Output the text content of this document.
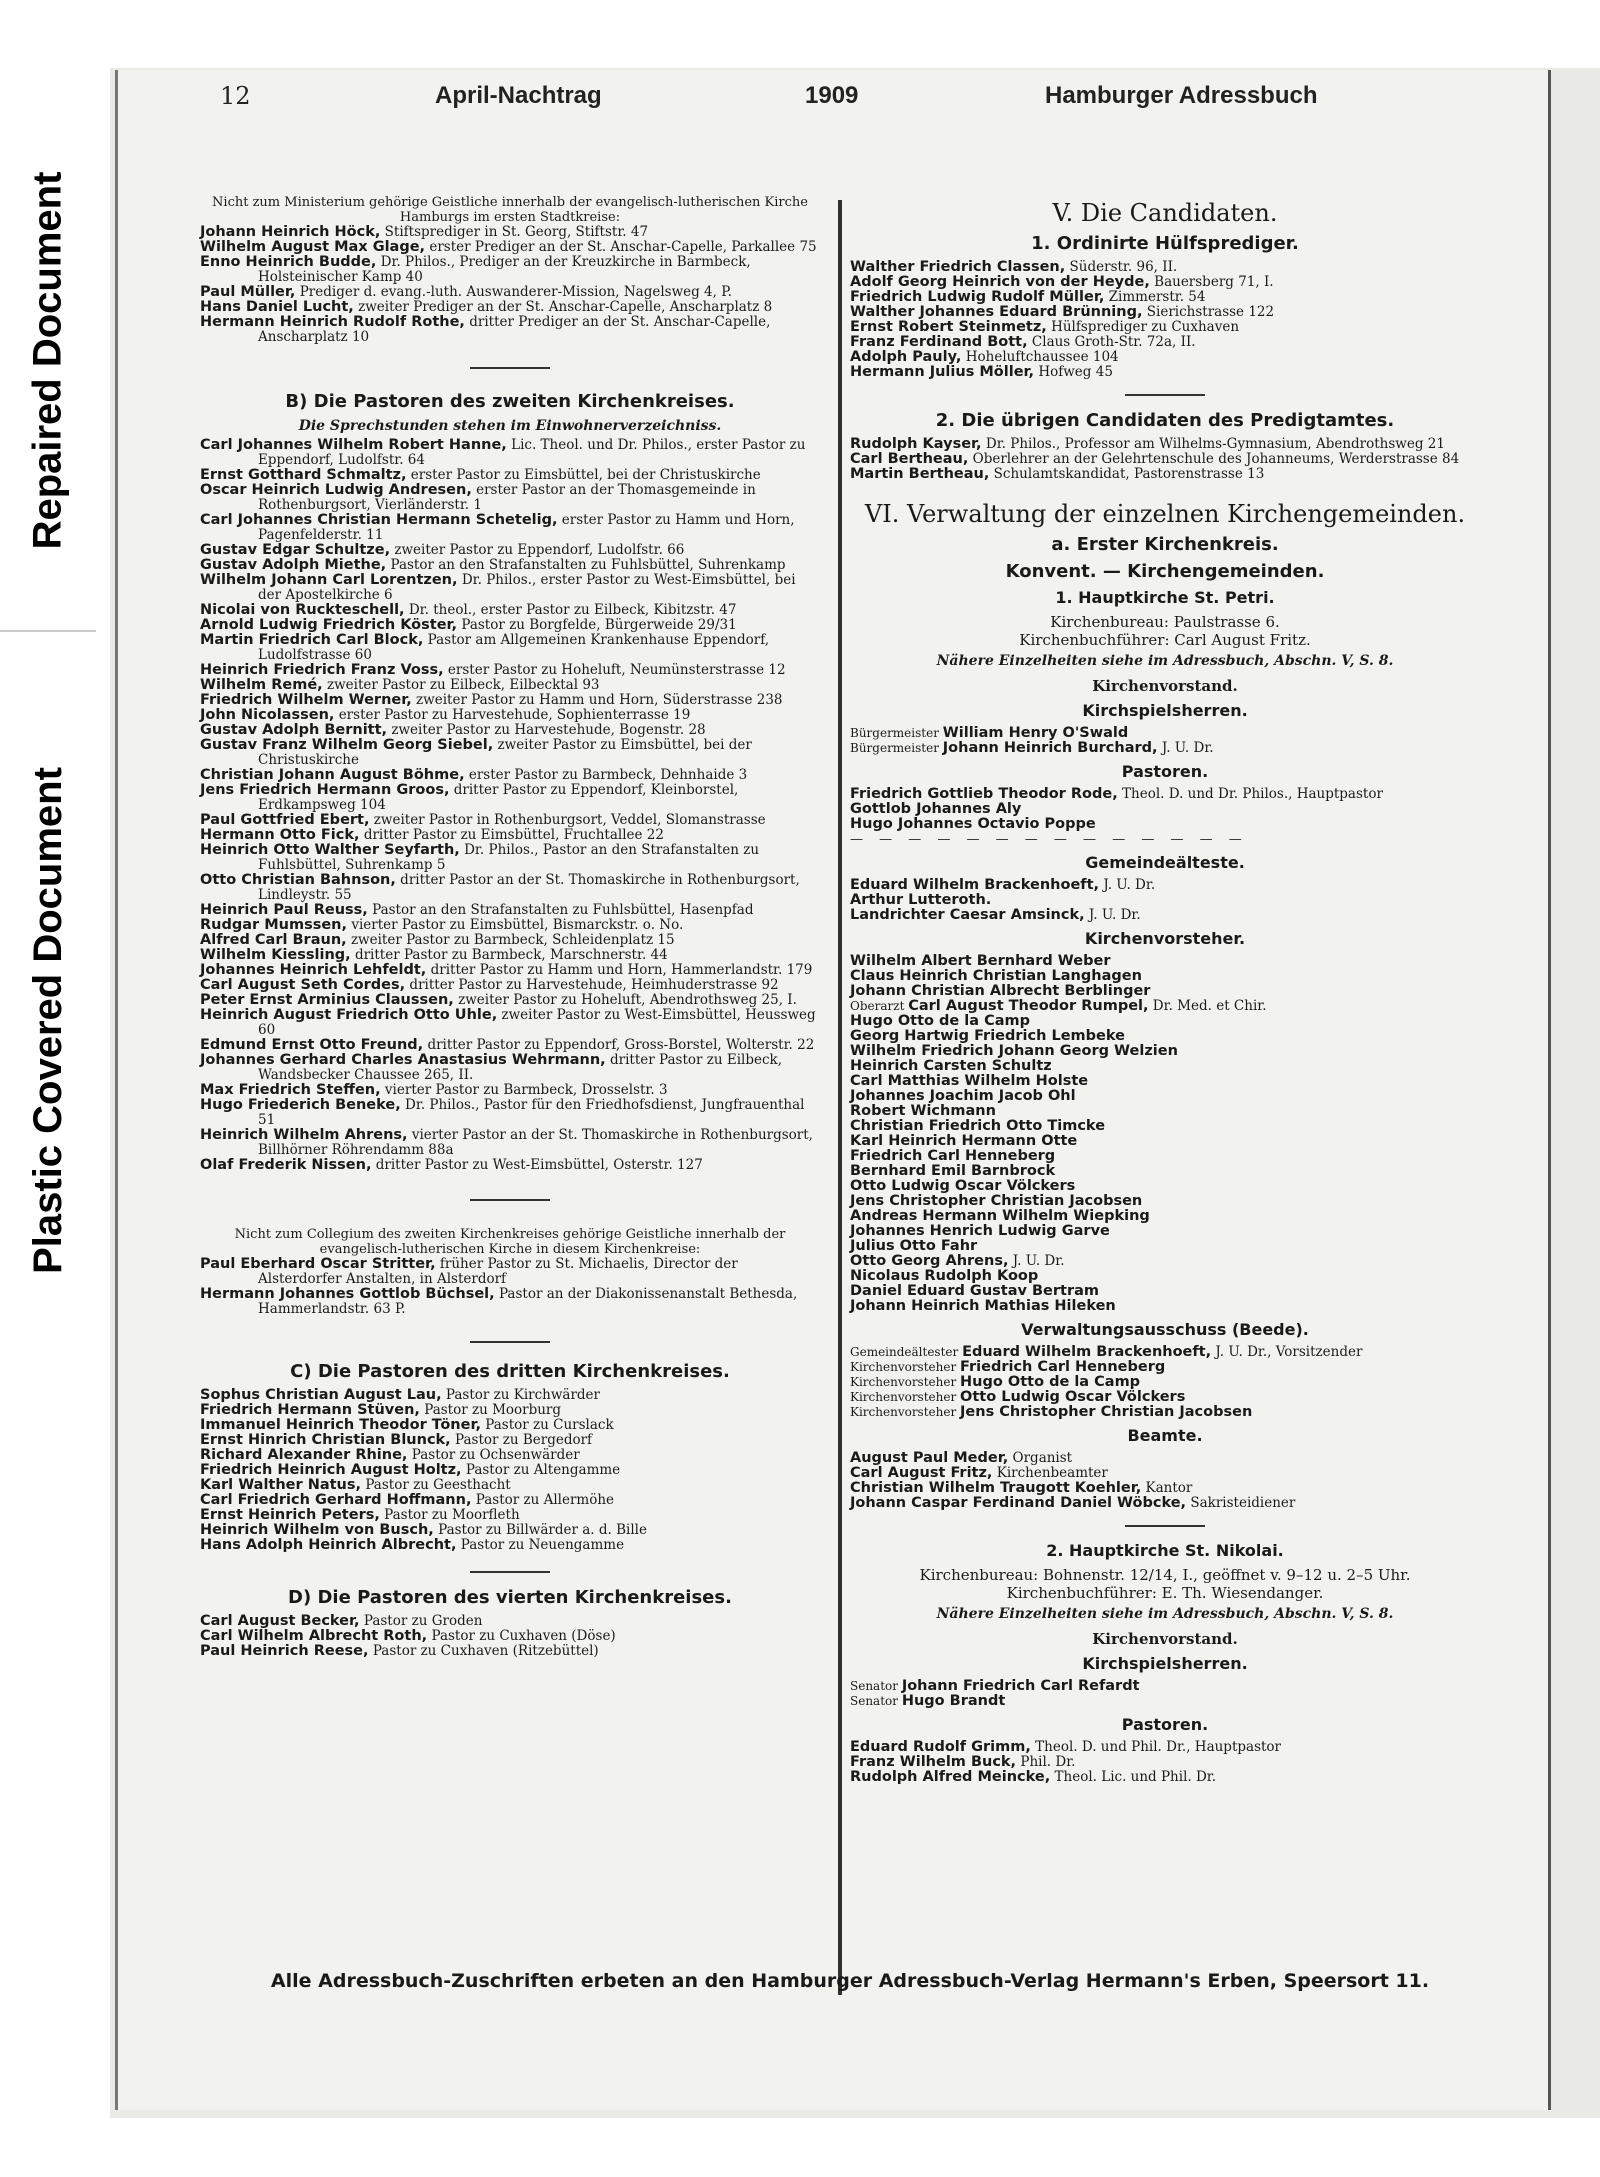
Repaired Document
Plastic Covered Document
12	April-Nachtrag	1909	Hamburger Adressbuch

Nicht zum Ministerium gehörige Geistliche innerhalb der evangelisch-lutherischen Kirche Hamburgs im ersten Stadtkreise:

Johann Heinrich Höck, Stiftsprediger in St. Georg, Stiftstr. 47

Wilhelm August Max Glage, erster Prediger an der St. Anschar-Capelle, Parkallee 75

Enno Heinrich Budde, Dr. Philos., Prediger an der Kreuzkirche in Barmbeck, Holsteinischer Kamp 40

Paul Müller, Prediger d. evang.-luth. Auswanderer-Mission, Nagelsweg 4, P.

Hans Daniel Lucht, zweiter Prediger an der St. Anschar-Capelle, Anscharplatz 8

Hermann Heinrich Rudolf Rothe, dritter Prediger an der St. Anschar-Capelle, Anscharplatz 10

B) Die Pastoren des zweiten Kirchenkreises.
Die Sprechstunden stehen im Einwohnerverzeichniss.

Carl Johannes Wilhelm Robert Hanne, Lic. Theol. und Dr. Philos., erster Pastor zu Eppendorf, Ludolfstr. 64

Ernst Gotthard Schmaltz, erster Pastor zu Eimsbüttel, bei der Christuskirche

Oscar Heinrich Ludwig Andresen, erster Pastor an der Thomasgemeinde in Rothenburgsort, Vierländerstr. 1

Carl Johannes Christian Hermann Schetelig, erster Pastor zu Hamm und Horn, Pagenfelderstr. 11

Gustav Edgar Schultze, zweiter Pastor zu Eppendorf, Ludolfstr. 66

Gustav Adolph Miethe, Pastor an den Strafanstalten zu Fuhlsbüttel, Suhrenkamp

Wilhelm Johann Carl Lorentzen, Dr. Philos., erster Pastor zu West-Eimsbüttel, bei der Apostelkirche 6

Nicolai von Ruckteschell, Dr. theol., erster Pastor zu Eilbeck, Kibitzstr. 47

Arnold Ludwig Friedrich Köster, Pastor zu Borgfelde, Bürgerweide 29/31

Martin Friedrich Carl Block, Pastor am Allgemeinen Krankenhause Eppendorf, Ludolfstrasse 60

Heinrich Friedrich Franz Voss, erster Pastor zu Hoheluft, Neumünsterstrasse 12

Wilhelm Remé, zweiter Pastor zu Eilbeck, Eilbecktal 93

Friedrich Wilhelm Werner, zweiter Pastor zu Hamm und Horn, Süderstrasse 238

John Nicolassen, erster Pastor zu Harvestehude, Sophienterrasse 19

Gustav Adolph Bernitt, zweiter Pastor zu Harvestehude, Bogenstr. 28

Gustav Franz Wilhelm Georg Siebel, zweiter Pastor zu Eimsbüttel, bei der Christuskirche

Christian Johann August Böhme, erster Pastor zu Barmbeck, Dehnhaide 3

Jens Friedrich Hermann Groos, dritter Pastor zu Eppendorf, Kleinborstel, Erdkampsweg 104

Paul Gottfried Ebert, zweiter Pastor in Rothenburgsort, Veddel, Slomanstrasse

Hermann Otto Fick, dritter Pastor zu Eimsbüttel, Fruchtallee 22

Heinrich Otto Walther Seyfarth, Dr. Philos., Pastor an den Strafanstalten zu Fuhlsbüttel, Suhrenkamp 5

Otto Christian Bahnson, dritter Pastor an der St. Thomaskirche in Rothenburgsort, Lindleystr. 55

Heinrich Paul Reuss, Pastor an den Strafanstalten zu Fuhlsbüttel, Hasenpfad

Rudgar Mumssen, vierter Pastor zu Eimsbüttel, Bismarckstr. o. No.

Alfred Carl Braun, zweiter Pastor zu Barmbeck, Schleidenplatz 15

Wilhelm Kiessling, dritter Pastor zu Barmbeck, Marschnerstr. 44

Johannes Heinrich Lehfeldt, dritter Pastor zu Hamm und Horn, Hammerlandstr. 179

Carl August Seth Cordes, dritter Pastor zu Harvestehude, Heimhuderstrasse 92

Peter Ernst Arminius Claussen, zweiter Pastor zu Hoheluft, Abendrothsweg 25, I.

Heinrich August Friedrich Otto Uhle, zweiter Pastor zu West-Eimsbüttel, Heussweg 60

Edmund Ernst Otto Freund, dritter Pastor zu Eppendorf, Gross-Borstel, Wolterstr. 22

Johannes Gerhard Charles Anastasius Wehrmann, dritter Pastor zu Eilbeck, Wandsbecker Chaussee 265, II.

Max Friedrich Steffen, vierter Pastor zu Barmbeck, Drosselstr. 3

Hugo Friederich Beneke, Dr. Philos., Pastor für den Friedhofsdienst, Jungfrauenthal 51

Heinrich Wilhelm Ahrens, vierter Pastor an der St. Thomaskirche in Rothenburgsort, Billhörner Röhrendamm 88a

Olaf Frederik Nissen, dritter Pastor zu West-Eimsbüttel, Osterstr. 127

Nicht zum Collegium des zweiten Kirchenkreises gehörige Geistliche innerhalb der evangelisch-lutherischen Kirche in diesem Kirchenkreise:

Paul Eberhard Oscar Stritter, früher Pastor zu St. Michaelis, Director der Alsterdorfer Anstalten, in Alsterdorf

Hermann Johannes Gottlob Büchsel, Pastor an der Diakonissenanstalt Bethesda, Hammerlandstr. 63 P.

C) Die Pastoren des dritten Kirchenkreises.

Sophus Christian August Lau, Pastor zu Kirchwärder

Friedrich Hermann Stüven, Pastor zu Moorburg

Immanuel Heinrich Theodor Töner, Pastor zu Curslack

Ernst Hinrich Christian Blunck, Pastor zu Bergedorf

Richard Alexander Rhine, Pastor zu Ochsenwärder

Friedrich Heinrich August Holtz, Pastor zu Altengamme

Karl Walther Natus, Pastor zu Geesthacht

Carl Friedrich Gerhard Hoffmann, Pastor zu Allermöhe

Ernst Heinrich Peters, Pastor zu Moorfleth

Heinrich Wilhelm von Busch, Pastor zu Billwärder a. d. Bille

Hans Adolph Heinrich Albrecht, Pastor zu Neuengamme

D) Die Pastoren des vierten Kirchenkreises.

Carl August Becker, Pastor zu Groden

Carl Wilhelm Albrecht Roth, Pastor zu Cuxhaven (Döse)

Paul Heinrich Reese, Pastor zu Cuxhaven (Ritzebüttel)

V. Die Candidaten.
1. Ordinirte Hülfsprediger.

Walther Friedrich Classen, Süderstr. 96, II.

Adolf Georg Heinrich von der Heyde, Bauersberg 71, I.

Friedrich Ludwig Rudolf Müller, Zimmerstr. 54

Walther Johannes Eduard Brünning, Sierichstrasse 122

Ernst Robert Steinmetz, Hülfsprediger zu Cuxhaven

Franz Ferdinand Bott, Claus Groth-Str. 72a, II.

Adolph Pauly, Hoheluftchaussee 104

Hermann Julius Möller, Hofweg 45

2. Die übrigen Candidaten des Predigtamtes.

Rudolph Kayser, Dr. Philos., Professor am Wilhelms-Gymnasium, Abendrothsweg 21

Carl Bertheau, Oberlehrer an der Gelehrtenschule des Johanneums, Werderstrasse 84

Martin Bertheau, Schulamtskandidat, Pastorenstrasse 13

VI. Verwaltung der einzelnen Kirchengemeinden.
a. Erster Kirchenkreis.
Konvent. — Kirchengemeinden.
1. Hauptkirche St. Petri.

Kirchenbureau: Paulstrasse 6.

Kirchenbuchführer: Carl August Fritz.

Nähere Einzelheiten siehe im Adressbuch, Abschn. V, S. 8.
Kirchenvorstand.
Kirchspielsherren.

Bürgermeister William Henry O'Swald

Bürgermeister Johann Heinrich Burchard, J. U. Dr.

Pastoren.

Friedrich Gottlieb Theodor Rode, Theol. D. und Dr. Philos., Hauptpastor

Gottlob Johannes Aly

Hugo Johannes Octavio Poppe

— — — — — — — — — — — — — —

Gemeindeälteste.

Eduard Wilhelm Brackenhoeft, J. U. Dr.

Arthur Lutteroth.

Landrichter Caesar Amsinck, J. U. Dr.

Kirchenvorsteher.

Wilhelm Albert Bernhard Weber

Claus Heinrich Christian Langhagen

Johann Christian Albrecht Berblinger

Oberarzt Carl August Theodor Rumpel, Dr. Med. et Chir.

Hugo Otto de la Camp

Georg Hartwig Friedrich Lembeke

Wilhelm Friedrich Johann Georg Welzien

Heinrich Carsten Schultz

Carl Matthias Wilhelm Holste

Johannes Joachim Jacob Ohl

Robert Wichmann

Christian Friedrich Otto Timcke

Karl Heinrich Hermann Otte

Friedrich Carl Henneberg

Bernhard Emil Barnbrock

Otto Ludwig Oscar Völckers

Jens Christopher Christian Jacobsen

Andreas Hermann Wilhelm Wiepking

Johannes Henrich Ludwig Garve

Julius Otto Fahr

Otto Georg Ahrens, J. U. Dr.

Nicolaus Rudolph Koop

Daniel Eduard Gustav Bertram

Johann Heinrich Mathias Hileken

Verwaltungsausschuss (Beede).

Gemeindeältester Eduard Wilhelm Brackenhoeft, J. U. Dr., Vorsitzender

Kirchenvorsteher Friedrich Carl Henneberg

Kirchenvorsteher Hugo Otto de la Camp

Kirchenvorsteher Otto Ludwig Oscar Völckers

Kirchenvorsteher Jens Christopher Christian Jacobsen

Beamte.

August Paul Meder, Organist

Carl August Fritz, Kirchenbeamter

Christian Wilhelm Traugott Koehler, Kantor

Johann Caspar Ferdinand Daniel Wöbcke, Sakristeidiener

2. Hauptkirche St. Nikolai.

Kirchenbureau: Bohnenstr. 12/14, I., geöffnet v. 9–12 u. 2–5 Uhr.

Kirchenbuchführer: E. Th. Wiesendanger.

Nähere Einzelheiten siehe im Adressbuch, Abschn. V, S. 8.
Kirchenvorstand.
Kirchspielsherren.

Senator Johann Friedrich Carl Refardt

Senator Hugo Brandt

Pastoren.

Eduard Rudolf Grimm, Theol. D. und Phil. Dr., Hauptpastor

Franz Wilhelm Buck, Phil. Dr.

Rudolph Alfred Meincke, Theol. Lic. und Phil. Dr.

Alle Adressbuch-Zuschriften erbeten an den Hamburger Adressbuch-Verlag Hermann's Erben, Speersort 11.
